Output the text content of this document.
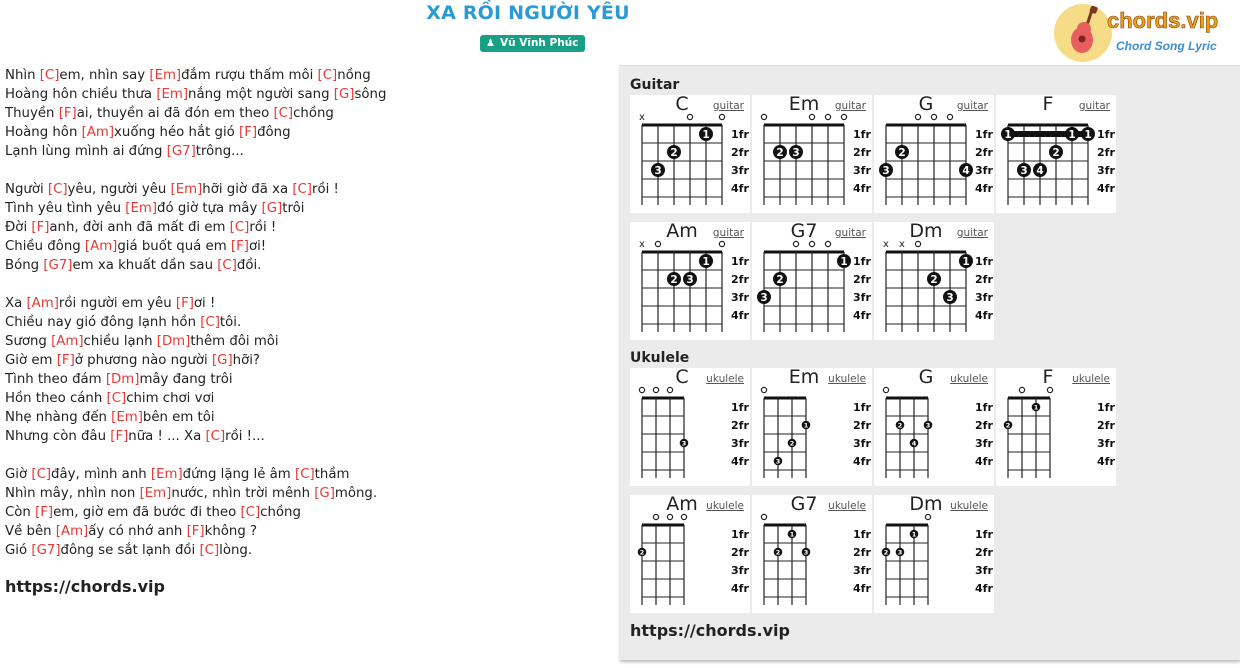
XA RỒI NGƯỜI YÊU
♟ Vũ Vĩnh Phúc
chords.vip
Chord Song Lyric
Nhìn [C]em, nhìn say [Em]đắm rượu thấm môi [C]nồng
Hoàng hôn chiều thưa [Em]nắng một người sang [G]sông
Thuyền [F]ai, thuyền ai đã đón em theo [C]chồng
Hoàng hôn [Am]xuống héo hắt gió [F]đông
Lạnh lùng mình ai đứng [G7]trông...
Người [C]yêu, người yêu [Em]hỡi giờ đã xa [C]rồi !
Tình yêu tình yêu [Em]đó giờ tựa mây [G]trôi
Đời [F]anh, đời anh đã mất đi em [C]rồi !
Chiều đông [Am]giá buốt quá em [F]ơi!
Bóng [G7]em xa khuất dần sau [C]đồi.
Xa [Am]rồi người em yêu [F]ơi !
Chiều nay gió đông lạnh hồn [C]tôi.
Sương [Am]chiều lạnh [Dm]thêm đôi môi
Giờ em [F]ở phương nào người [G]hỡi?
Tình theo đám [Dm]mây đang trôi
Hồn theo cánh [C]chim chơi vơi
Nhẹ nhàng đến [Em]bên em tôi
Nhưng còn đâu [F]nữa ! ... Xa [C]rồi !...
Giờ [C]đây, mình anh [Em]đứng lặng lẻ âm [C]thầm
Nhìn mây, nhìn non [Em]nước, nhìn trời mênh [G]mông.
Còn [F]em, giờ em đã bước đi theo [C]chồng
Về bên [Am]ấy có nhớ anh [F]không ?
Gió [G7]đông se sắt lạnh đồi [C]lòng.
https://chords.vip
Guitar
1fr
2fr
3fr
4fr
x
1
2
3
C	guitar
1fr
2fr
3fr
4fr
2 3
Em	guitar
1fr
2fr
3fr
4fr
2
3	4
G	guitar
1fr
2fr
3fr
4fr
1	1 1
2
3 4
F	guitar
1fr
2fr
3fr
4fr
x
1
2 3
Am	guitar
1fr
2fr
3fr
4fr
1
2
3
G7	guitar
1fr
2fr
3fr
4fr
x x
1
2
3
Dm	guitar
Ukulele
1fr
2fr
3fr
4fr
3
C	ukulele
1fr
2fr
3fr
4fr
1
2
3
Em ukulele
1fr
2fr
3fr
4fr
2	3
4
G	ukulele
1fr
2fr
3fr
4fr
1
2
F	ukulele
1fr
2fr
3fr
4fr
2
Am ukulele
1fr
2fr
3fr
4fr
1
2	3
G7	ukulele
1fr
2fr
3fr
4fr
1
2 3
Dm ukulele
https://chords.vip
